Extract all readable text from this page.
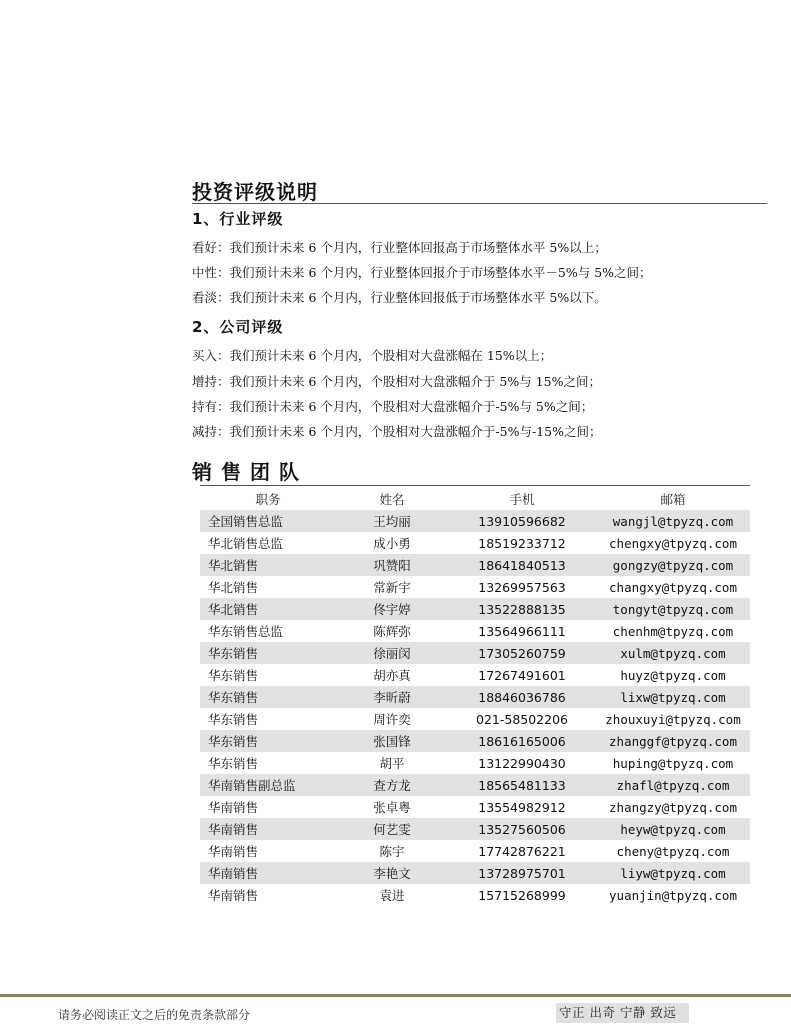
投资评级说明
1、行业评级
看好：我们预计未来 6 个月内，行业整体回报高于市场整体水平 5%以上；
中性：我们预计未来 6 个月内，行业整体回报介于市场整体水平－5%与 5%之间；
看淡：我们预计未来 6 个月内，行业整体回报低于市场整体水平 5%以下。
2、公司评级
买入：我们预计未来 6 个月内，个股相对大盘涨幅在 15%以上；
增持：我们预计未来 6 个月内，个股相对大盘涨幅介于 5%与 15%之间；
持有：我们预计未来 6 个月内，个股相对大盘涨幅介于-5%与 5%之间；
减持：我们预计未来 6 个月内，个股相对大盘涨幅介于-5%与-15%之间；
销售团队
职务	姓名	手机	邮箱
全国销售总监	王均丽	13910596682	wangjl@tpyzq.com
华北销售总监	成小勇	18519233712	chengxy@tpyzq.com
华北销售	巩赞阳	18641840513	gongzy@tpyzq.com
华北销售	常新宇	13269957563	changxy@tpyzq.com
华北销售	佟宇婷	13522888135	tongyt@tpyzq.com
华东销售总监	陈辉弥	13564966111	chenhm@tpyzq.com
华东销售	徐丽闵	17305260759	xulm@tpyzq.com
华东销售	胡亦真	17267491601	huyz@tpyzq.com
华东销售	李昕蔚	18846036786	lixw@tpyzq.com
华东销售	周许奕	021-58502206	zhouxuyi@tpyzq.com
华东销售	张国锋	18616165006	zhanggf@tpyzq.com
华东销售	胡平	13122990430	huping@tpyzq.com
华南销售副总监	查方龙	18565481133	zhafl@tpyzq.com
华南销售	张卓粤	13554982912	zhangzy@tpyzq.com
华南销售	何艺雯	13527560506	heyw@tpyzq.com
华南销售	陈宇	17742876221	cheny@tpyzq.com
华南销售	李艳文	13728975701	liyw@tpyzq.com
华南销售	袁进	15715268999	yuanjin@tpyzq.com
请务必阅读正文之后的免责条款部分	守正 出奇 宁静 致远
